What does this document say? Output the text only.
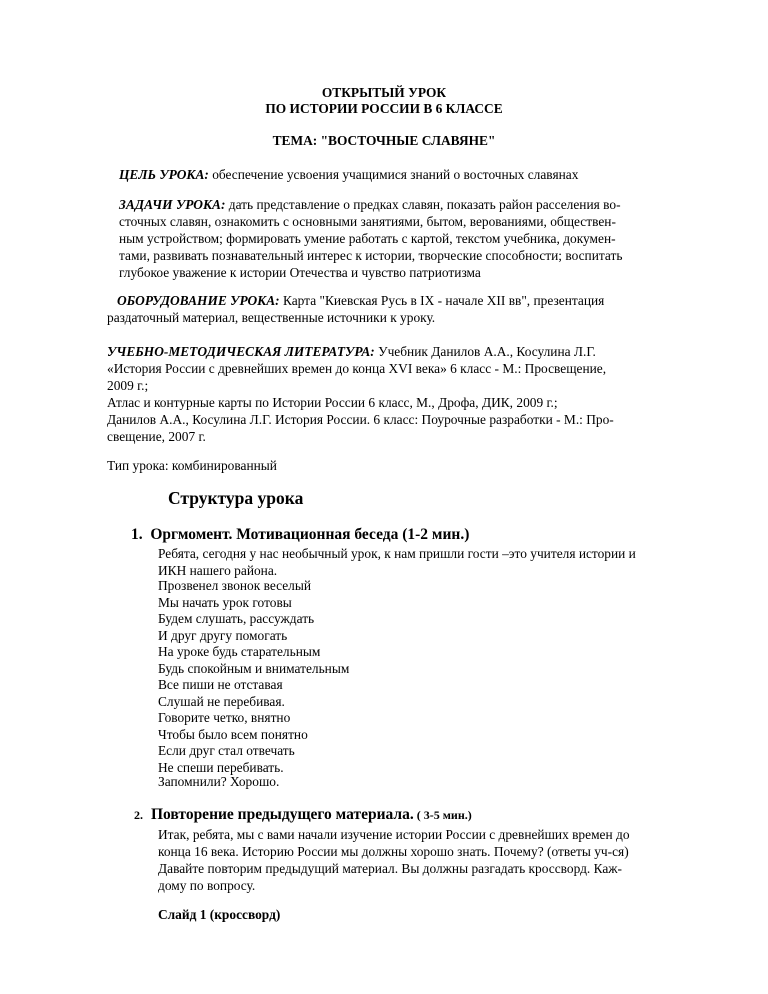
ОТКРЫТЫЙ УРОК
ПО ИСТОРИИ РОССИИ В 6 КЛАССЕ
ТЕМА: "ВОСТОЧНЫЕ СЛАВЯНЕ"
ЦЕЛЬ УРОКА: обеспечение усвоения учащимися знаний о восточных славянах
ЗАДАЧИ УРОКА: дать представление о предках славян, показать район расселения во-
сточных славян, ознакомить с основными занятиями, бытом, верованиями, обществен-
ным устройством; формировать умение работать с картой, текстом учебника, докумен-
тами, развивать познавательный интерес к истории, творческие способности; воспитать
глубокое уважение к истории Отечества и чувство патриотизма
ОБОРУДОВАНИЕ УРОКА: Карта "Киевская Русь в IX - начале XII вв", презентация
раздаточный материал, вещественные источники к уроку.
УЧЕБНО-МЕТОДИЧЕСКАЯ ЛИТЕРАТУРА: Учебник Данилов А.А., Косулина Л.Г.
«История России с древнейших времен до конца XVI века» 6 класс - М.: Просвещение,
2009 г.;
Атлас и контурные карты по Истории России 6 класс, М., Дрофа, ДИК, 2009 г.;
Данилов А.А., Косулина Л.Г. История России. 6 класс: Поурочные разработки - М.: Про-
свещение, 2007 г.
Тип урока: комбинированный
Структура урока
1. Оргмомент. Мотивационная беседа (1-2 мин.)
Ребята, сегодня у нас необычный урок, к нам пришли гости –это учителя истории и
ИКН нашего района.
Прозвенел звонок веселый
Мы начать урок готовы
Будем слушать, рассуждать
И друг другу помогать
На уроке будь старательным
Будь спокойным и внимательным
Все пиши не отставая
Слушай не перебивая.
Говорите четко, внятно
Чтобы было всем понятно
Если друг стал отвечать
Не спеши перебивать.
Запомнили? Хорошо.
2. Повторение предыдущего материала. ( 3-5 мин.)
Итак, ребята, мы с вами начали изучение истории России с древнейших времен до
конца 16 века. Историю России мы должны хорошо знать. Почему? (ответы уч-ся)
Давайте повторим предыдущий материал. Вы должны разгадать кроссворд. Каж-
дому по вопросу.
Слайд 1 (кроссворд)
